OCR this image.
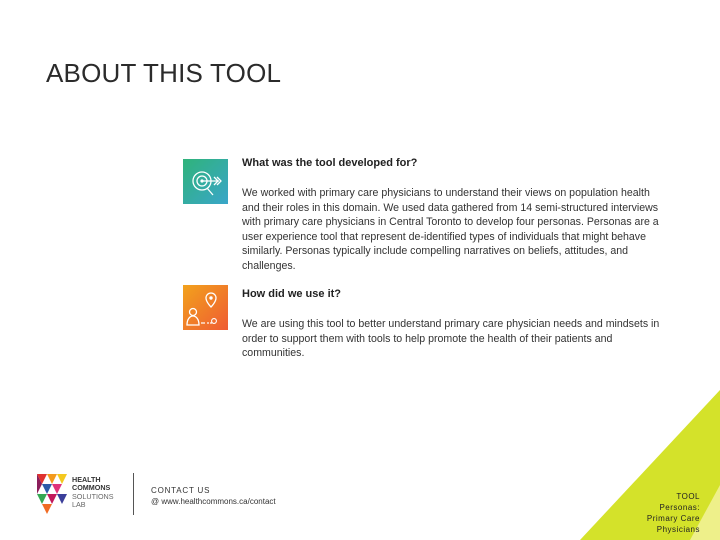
ABOUT THIS TOOL
What was the tool developed for?
We worked with primary care physicians to understand their views on population health and their roles in this domain. We used data gathered from 14 semi-structured interviews with primary care physicians in Central Toronto to develop four personas. Personas are a user experience tool that represent de-identified types of individuals that might behave similarly. Personas typically include compelling narratives on beliefs, attitudes, and challenges.
How did we use it?
We are using this tool to better understand primary care physician needs and mindsets in order to support them with tools to help promote the health of their patients and communities.
HEALTH
COMMONS
SOLUTIONS
LAB
CONTACT US
@ www.healthcommons.ca/contact
TOOL
Personas:
Primary Care
Physicians
